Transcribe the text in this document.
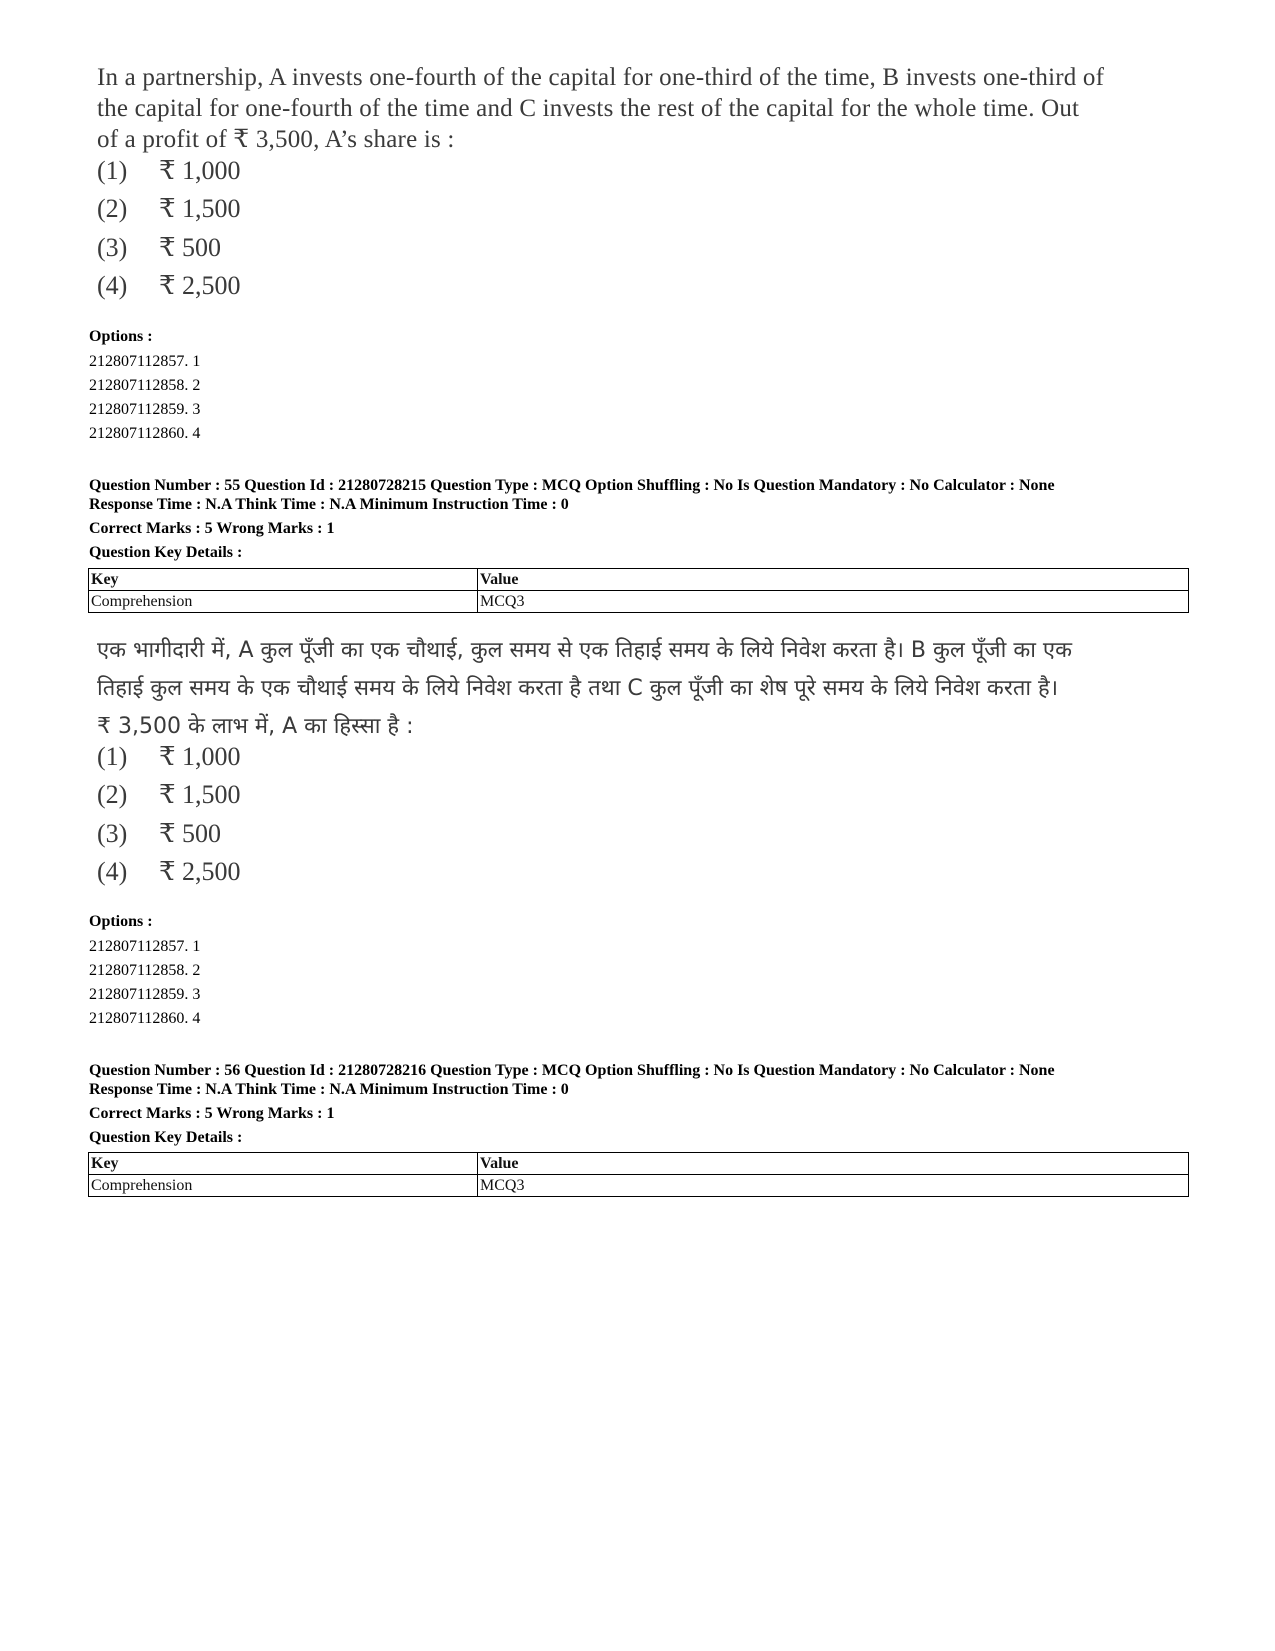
In a partnership, A invests one-fourth of the capital for one-third of the time, B invests one-third of

the capital for one-fourth of the time and C invests the rest of the capital for the whole time. Out

of a profit of ₹ 3,500, A’s share is :

(1)	₹ 1,000
(2)	₹ 1,500
(3)	₹ 500
(4)	₹ 2,500
Options :
212807112857. 1
212807112858. 2
212807112859. 3
212807112860. 4
Question Number : 55 Question Id : 21280728215 Question Type : MCQ Option Shuffling : No Is Question Mandatory : No Calculator : None
Response Time : N.A Think Time : N.A Minimum Instruction Time : 0
Correct Marks : 5 Wrong Marks : 1
Question Key Details :
Key	Value
Comprehension	MCQ3

एक भागीदारी में, A कुल पूँजी का एक चौथाई, कुल समय से एक तिहाई समय के लिये निवेश करता है। B कुल पूँजी का एक

तिहाई कुल समय के एक चौथाई समय के लिये निवेश करता है तथा C कुल पूँजी का शेष पूरे समय के लिये निवेश करता है।

₹ 3,500 के लाभ में, A का हिस्सा है :

(1)	₹ 1,000
(2)	₹ 1,500
(3)	₹ 500
(4)	₹ 2,500
Options :
212807112857. 1
212807112858. 2
212807112859. 3
212807112860. 4
Question Number : 56 Question Id : 21280728216 Question Type : MCQ Option Shuffling : No Is Question Mandatory : No Calculator : None
Response Time : N.A Think Time : N.A Minimum Instruction Time : 0
Correct Marks : 5 Wrong Marks : 1
Question Key Details :
Key	Value
Comprehension	MCQ3
